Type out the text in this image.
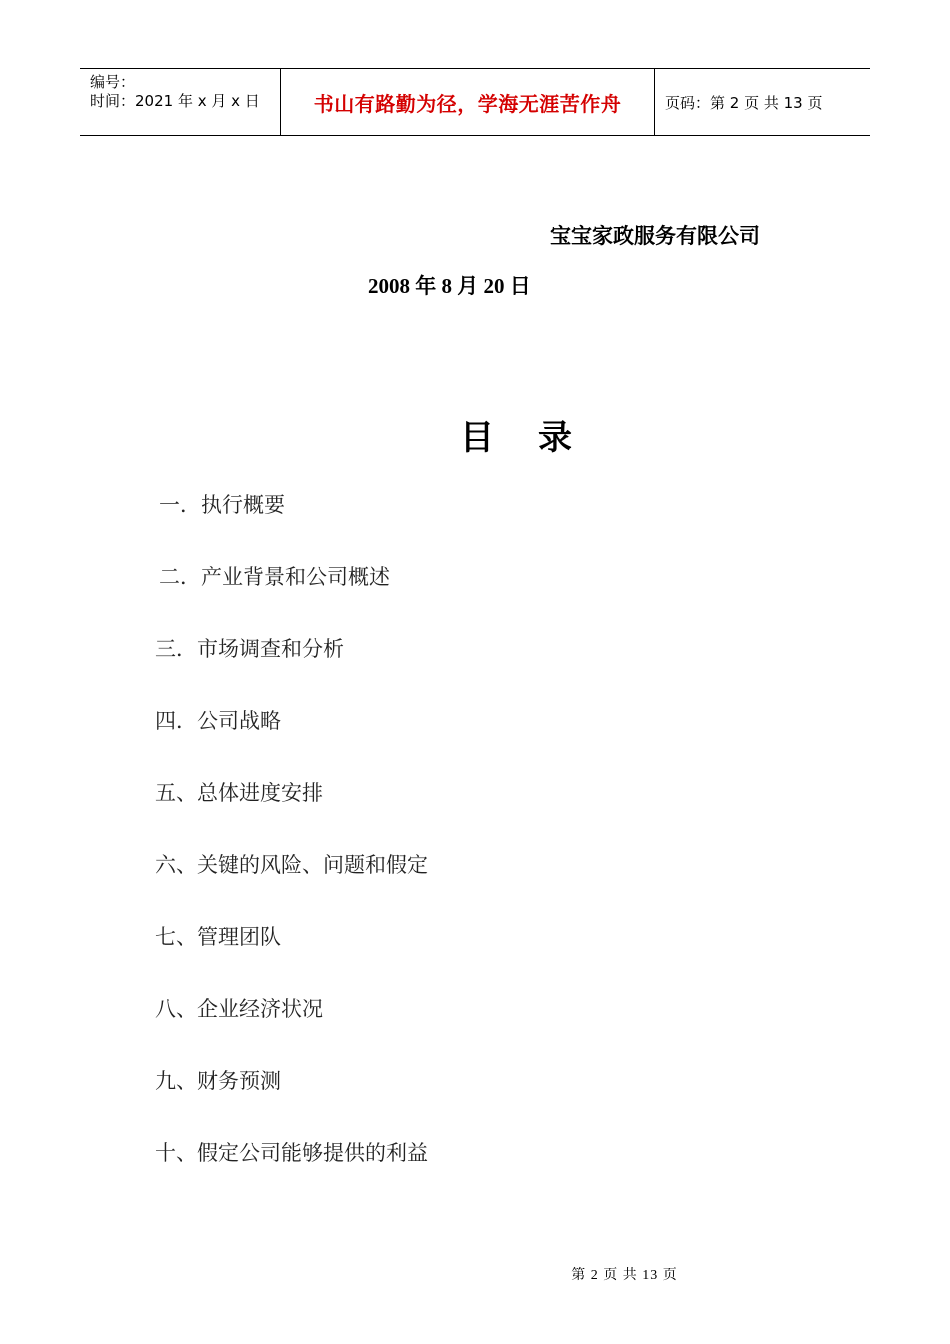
编号：
时间：2021 年 x 月 x 日	书山有路勤为径，学海无涯苦作舟	页码：第 2 页 共 13 页
宝宝家政服务有限公司
2008 年 8 月 20 日
目录
一．执行概要
二．产业背景和公司概述
三．市场调查和分析
四．公司战略
五、总体进度安排
六、关键的风险、问题和假定
七、管理团队
八、企业经济状况
九、财务预测
十、假定公司能够提供的利益

第 2 页 共 13 页
